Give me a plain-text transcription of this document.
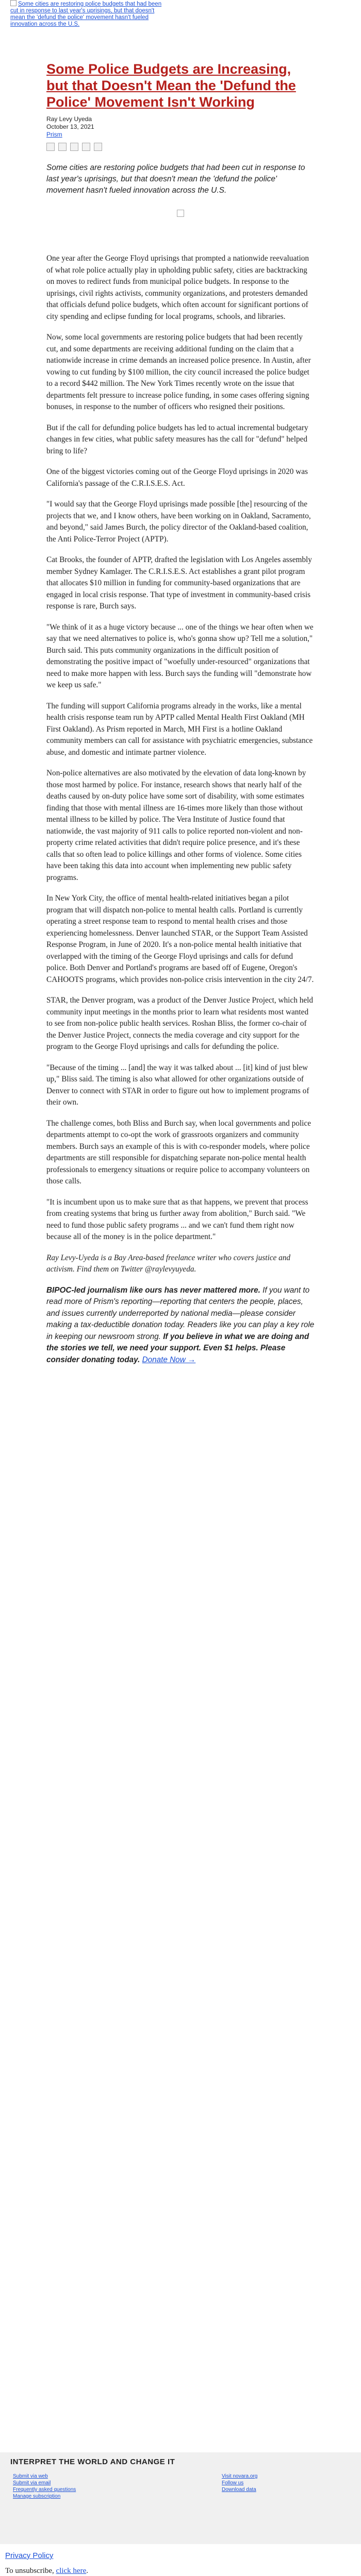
Some cities are restoring police budgets that had been cut in response to last year's uprisings, but that doesn't mean the 'defund the police' movement hasn't fueled innovation across the U.S.
Some Police Budgets are Increasing, but that Doesn't Mean the 'Defund the Police' Movement Isn't Working
Ray Levy Uyeda
October 13, 2021
Prism
Some cities are restoring police budgets that had been cut in response to last year's uprisings, but that doesn't mean the 'defund the police' movement hasn't fueled innovation across the U.S.

One year after the George Floyd uprisings that prompted a nationwide reevaluation of what role police actually play in upholding public safety, cities are backtracking on moves to redirect funds from municipal police budgets. In response to the uprisings, civil rights activists, community organizations, and protesters demanded that officials defund police budgets, which often account for significant portions of city spending and eclipse funding for local programs, schools, and libraries.

Now, some local governments are restoring police budgets that had been recently cut, and some departments are receiving additional funding on the claim that a nationwide increase in crime demands an increased police presence. In Austin, after vowing to cut funding by $100 million, the city council increased the police budget to a record $442 million. The New York Times recently wrote on the issue that departments felt pressure to increase police funding, in some cases offering signing bonuses, in response to the number of officers who resigned their positions.

But if the call for defunding police budgets has led to actual incremental budgetary changes in few cities, what public safety measures has the call for "defund" helped bring to life?

One of the biggest victories coming out of the George Floyd uprisings in 2020 was California's passage of the C.R.I.S.E.S. Act.

"I would say that the George Floyd uprisings made possible [the] resourcing of the projects that we, and I know others, have been working on in Oakland, Sacramento, and beyond," said James Burch, the policy director of the Oakland-based coalition, the Anti Police-Terror Project (APTP).

Cat Brooks, the founder of APTP, drafted the legislation with Los Angeles assembly member Sydney Kamlager. The C.R.I.S.E.S. Act establishes a grant pilot program that allocates $10 million in funding for community-based organizations that are engaged in local crisis response. That type of investment in community-based crisis response is rare, Burch says.

"We think of it as a huge victory because ... one of the things we hear often when we say that we need alternatives to police is, who's gonna show up? Tell me a solution," Burch said. This puts community organizations in the difficult position of demonstrating the positive impact of "woefully under-resourced" organizations that need to make more happen with less. Burch says the funding will "demonstrate how we keep us safe."

The funding will support California programs already in the works, like a mental health crisis response team run by APTP called Mental Health First Oakland (MH First Oakland). As Prism reported in March, MH First is a hotline Oakland community members can call for assistance with psychiatric emergencies, substance abuse, and domestic and intimate partner violence.

Non-police alternatives are also motivated by the elevation of data long-known by those most harmed by police. For instance, research shows that nearly half of the deaths caused by on-duty police have some sort of disability, with some estimates finding that those with mental illness are 16-times more likely than those without mental illness to be killed by police. The Vera Institute of Justice found that nationwide, the vast majority of 911 calls to police reported non-violent and non-property crime related activities that didn't require police presence, and it's these calls that so often lead to police killings and other forms of violence. Some cities have been taking this data into account when implementing new public safety programs.

In New York City, the office of mental health-related initiatives began a pilot program that will dispatch non-police to mental health calls. Portland is currently operating a street response team to respond to mental health crises and those experiencing homelessness. Denver launched STAR, or the Support Team Assisted Response Program, in June of 2020. It's a non-police mental health initiative that overlapped with the timing of the George Floyd uprisings and calls for defund police. Both Denver and Portland's programs are based off of Eugene, Oregon's CAHOOTS programs, which provides non-police crisis intervention in the city 24/7.

STAR, the Denver program, was a product of the Denver Justice Project, which held community input meetings in the months prior to learn what residents most wanted to see from non-police public health services. Roshan Bliss, the former co-chair of the Denver Justice Project, connects the media coverage and city support for the program to the George Floyd uprisings and calls for defunding the police.

"Because of the timing ... [and] the way it was talked about ... [it] kind of just blew up," Bliss said. The timing is also what allowed for other organizations outside of Denver to connect with STAR in order to figure out how to implement programs of their own.

The challenge comes, both Bliss and Burch say, when local governments and police departments attempt to co-opt the work of grassroots organizers and community members. Burch says an example of this is with co-responder models, where police departments are still responsible for dispatching separate non-police mental health professionals to emergency situations or require police to accompany volunteers on those calls.

"It is incumbent upon us to make sure that as that happens, we prevent that process from creating systems that bring us further away from abolition," Burch said. "We need to fund those public safety programs ... and we can't fund them right now because all of the money is in the police department."

Ray Levy-Uyeda is a Bay Area-based freelance writer who covers justice and activism. Find them on Twitter @raylevyuyeda.

BIPOC-led journalism like ours has never mattered more. If you want to read more of Prism's reporting—reporting that centers the people, places, and issues currently underreported by national media—please consider making a tax-deductible donation today. Readers like you can play a key role in keeping our newsroom strong. If you believe in what we are doing and the stories we tell, we need your support. Even $1 helps. Please consider donating today. Donate Now →

INTERPRET THE WORLD AND CHANGE IT
Submit via web
Submit via email
Frequently asked questions
Manage subscription
Visit novara.org
Follow us
Download data
Privacy Policy
To unsubscribe, click here.
